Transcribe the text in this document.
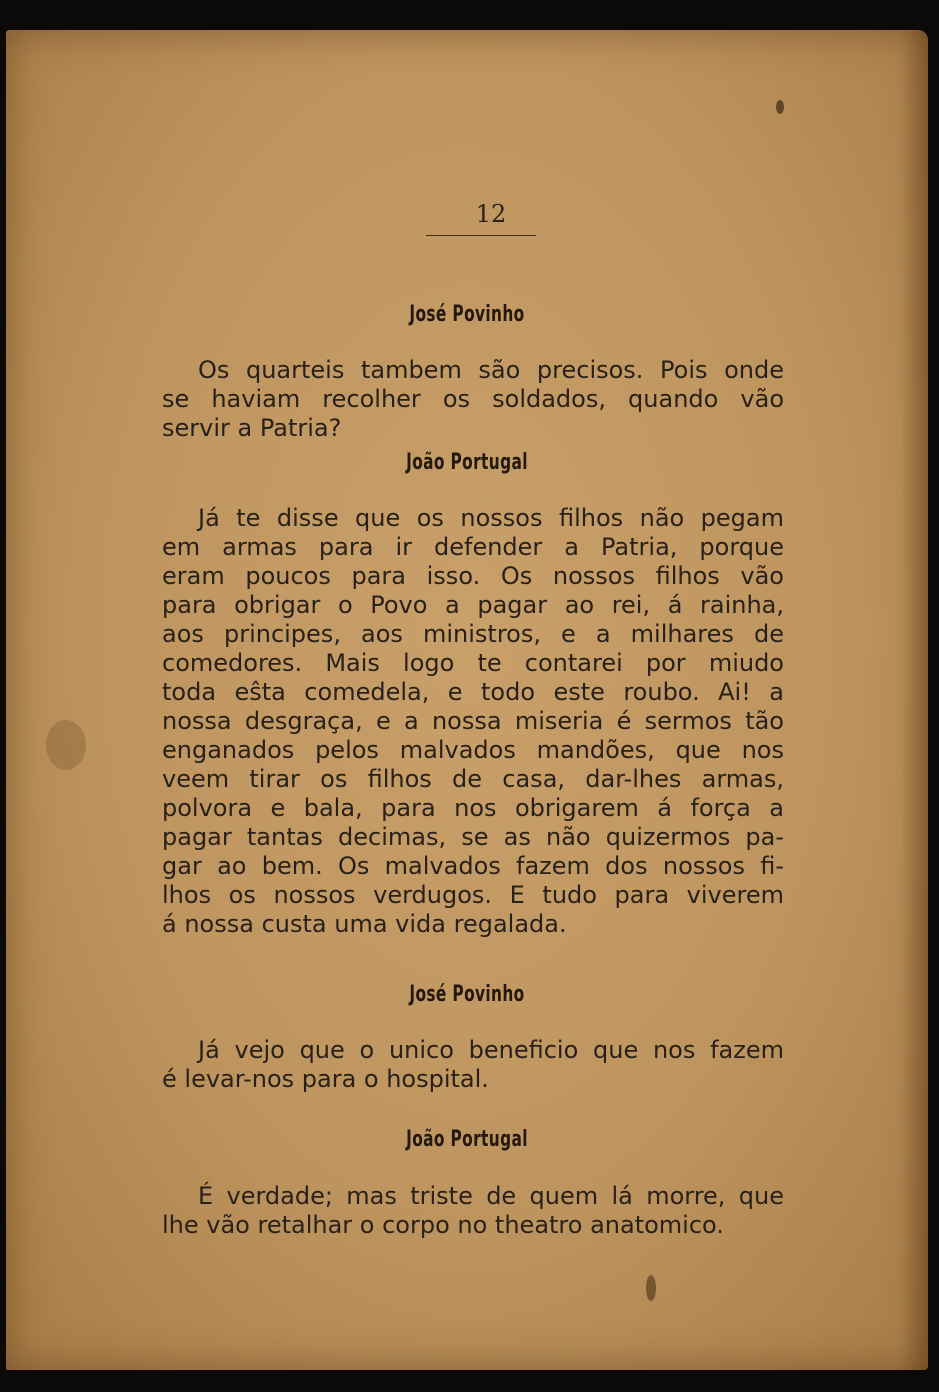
12
José Povinho

Os quarteis tambem são precisos. Pois onde
se haviam recolher os soldados, quando vão
servir a Patria?

João Portugal

Já te disse que os nossos filhos não pegam
em armas para ir defender a Patria, porque
eram poucos para isso. Os nossos filhos vão
para obrigar o Povo a pagar ao rei, á rainha,
aos principes, aos ministros, e a milhares de
comedores. Mais logo te contarei por miudo
toda eŝta comedela, e todo este roubo. Ai! a
nossa desgraça, e a nossa miseria é sermos tão
enganados pelos malvados mandões, que nos
veem tirar os filhos de casa, dar-lhes armas,
polvora e bala, para nos obrigarem á força a
pagar tantas decimas, se as não quizermos pa-
gar ao bem. Os malvados fazem dos nossos fi-
lhos os nossos verdugos. E tudo para viverem
á nossa custa uma vida regalada.

José Povinho

Já vejo que o unico beneficio que nos fazem
é levar-nos para o hospital.

João Portugal

É verdade; mas triste de quem lá morre, que
lhe vão retalhar o corpo no theatro anatomico.
